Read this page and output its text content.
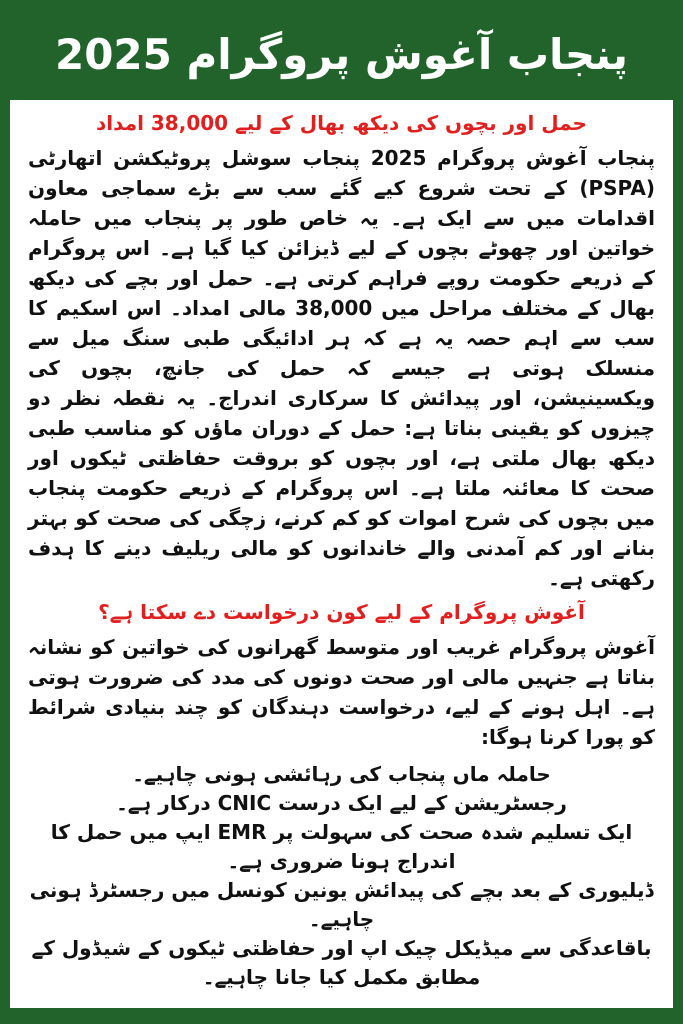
پنجاب آغوش پروگرام 2025
حمل اور بچوں کی دیکھ بھال کے لیے 38,000 امداد

پنجاب آغوش پروگرام 2025 پنجاب سوشل پروٹیکشن اتھارٹی (PSPA) کے تحت شروع کیے گئے سب سے بڑے سماجی معاون اقدامات میں سے ایک ہے۔ یہ خاص طور پر پنجاب میں حاملہ خواتین اور چھوٹے بچوں کے لیے ڈیزائن کیا گیا ہے۔ اس پروگرام کے ذریعے حکومت روپے فراہم کرتی ہے۔ حمل اور بچے کی دیکھ بھال کے مختلف مراحل میں 38,000 مالی امداد۔ اس اسکیم کا سب سے اہم حصہ یہ ہے کہ ہر ادائیگی طبی سنگ میل سے منسلک ہوتی ہے جیسے کہ حمل کی جانچ، بچوں کی ویکسینیشن، اور پیدائش کا سرکاری اندراج۔ یہ نقطہ نظر دو چیزوں کو یقینی بناتا ہے: حمل کے دوران ماؤں کو مناسب طبی دیکھ بھال ملتی ہے، اور بچوں کو بروقت حفاظتی ٹیکوں اور صحت کا معائنہ ملتا ہے۔ اس پروگرام کے ذریعے حکومت پنجاب میں بچوں کی شرح اموات کو کم کرنے، زچگی کی صحت کو بہتر بنانے اور کم آمدنی والے خاندانوں کو مالی ریلیف دینے کا ہدف رکھتی ہے۔

آغوش پروگرام کے لیے کون درخواست دے سکتا ہے؟

آغوش پروگرام غریب اور متوسط گھرانوں کی خواتین کو نشانہ بناتا ہے جنہیں مالی اور صحت دونوں کی مدد کی ضرورت ہوتی ہے۔ اہل ہونے کے لیے، درخواست دہندگان کو چند بنیادی شرائط کو پورا کرنا ہوگا:

حاملہ ماں پنجاب کی رہائشی ہونی چاہیے۔

رجسٹریشن کے لیے ایک درست CNIC درکار ہے۔

ایک تسلیم شدہ صحت کی سہولت پر EMR ایپ میں حمل کا اندراج ہونا ضروری ہے۔

ڈیلیوری کے بعد بچے کی پیدائش یونین کونسل میں رجسٹرڈ ہونی چاہیے۔

باقاعدگی سے میڈیکل چیک اپ اور حفاظتی ٹیکوں کے شیڈول کے مطابق مکمل کیا جانا چاہیے۔
